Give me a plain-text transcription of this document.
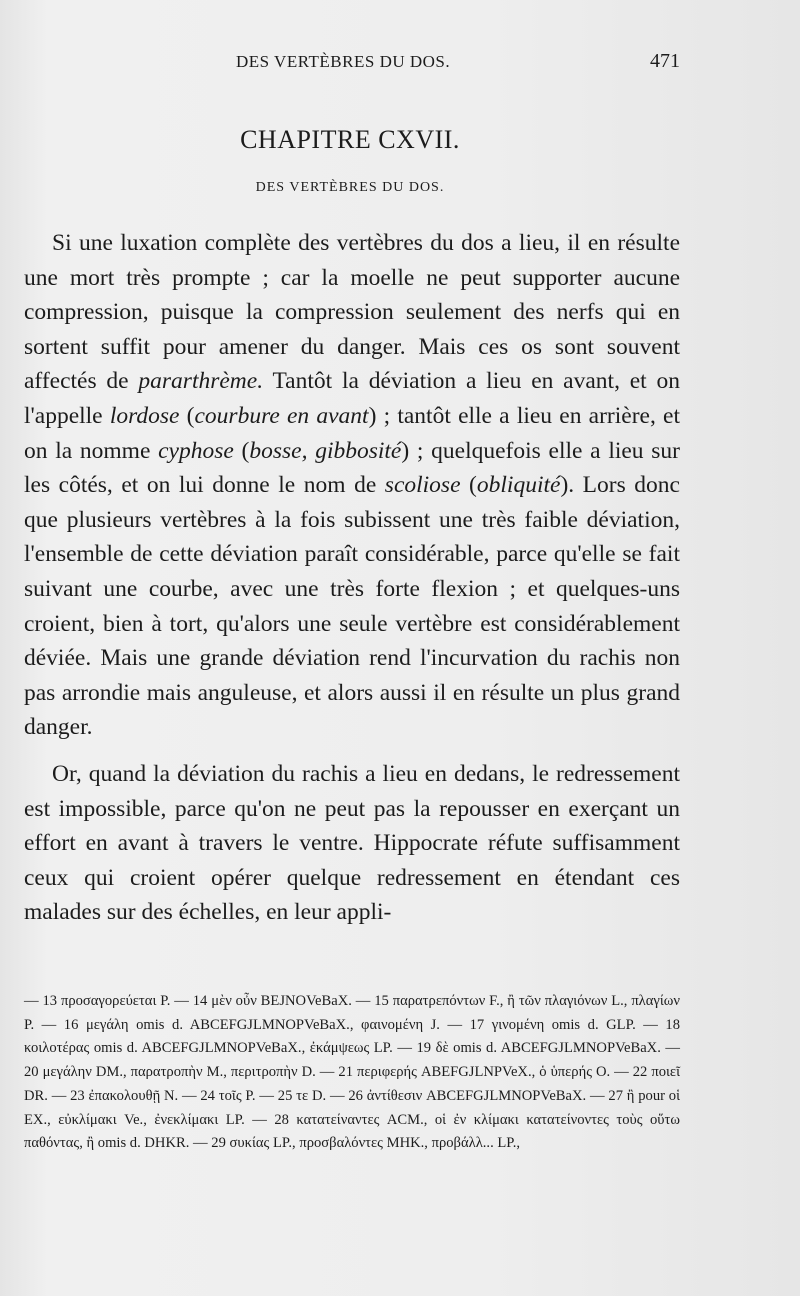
DES VERTÈBRES DU DOS.	471
CHAPITRE CXVII.
DES VERTÈBRES DU DOS.

Si une luxation complète des vertèbres du dos a lieu, il en résulte une mort très prompte ; car la moelle ne peut supporter aucune compression, puisque la compression seulement des nerfs qui en sortent suffit pour amener du danger. Mais ces os sont souvent affectés de pararthrème. Tantôt la déviation a lieu en avant, et on l'appelle lordose (courbure en avant) ; tantôt elle a lieu en arrière, et on la nomme cyphose (bosse, gibbosité) ; quelquefois elle a lieu sur les côtés, et on lui donne le nom de scoliose (obliquité). Lors donc que plusieurs vertèbres à la fois subissent une très faible déviation, l'ensemble de cette déviation paraît considérable, parce qu'elle se fait suivant une courbe, avec une très forte flexion ; et quelques-uns croient, bien à tort, qu'alors une seule vertèbre est considérablement déviée. Mais une grande déviation rend l'incurvation du rachis non pas arrondie mais anguleuse, et alors aussi il en résulte un plus grand danger.

Or, quand la déviation du rachis a lieu en dedans, le redressement est impossible, parce qu'on ne peut pas la repousser en exerçant un effort en avant à travers le ventre. Hippocrate réfute suffisamment ceux qui croient opérer quelque redressement en étendant ces malades sur des échelles, en leur appli-

— 13 προσαγορεύεται P. — 14 μὲν οὖν BEJNOVeBaX. — 15 παρατρεπόντων F., ἢ τῶν πλαγιόνων L., πλαγίων P. — 16 μεγάλη omis d. ABCEFGJLMNOPVeBaX., φαινομένη J. — 17 γινομένη omis d. GLP. — 18 κοιλοτέρας omis d. ABCEFGJLMNOPVeBaX., ἐκάμψεως LP. — 19 δὲ omis d. ABCEFGJLMNOPVeBaX. — 20 μεγάλην DM., παρατροπὴν M., περιτροπὴν D. — 21 περιφερής ABEFGJLNPVeX., ὁ ὑπερής O. — 22 ποιεῖ DR. — 23 ἐπακολουθῇ N. — 24 τοῖς P. — 25 τε D. — 26 ἀντίθεσιν ABCEFGJLMNOPVeBaX. — 27 ἢ pour οἱ EX., εὐκλίμακι Ve., ἐνεκλίμακι LP. — 28 κατατείναντες ACM., οἱ ἐν κλίμακι κατατείνοντες τοὺς οὕτω παθόντας, ἢ omis d. DHKR. — 29 συκίας LP., προσβαλόντες MHK., προβάλλ... LP.,
